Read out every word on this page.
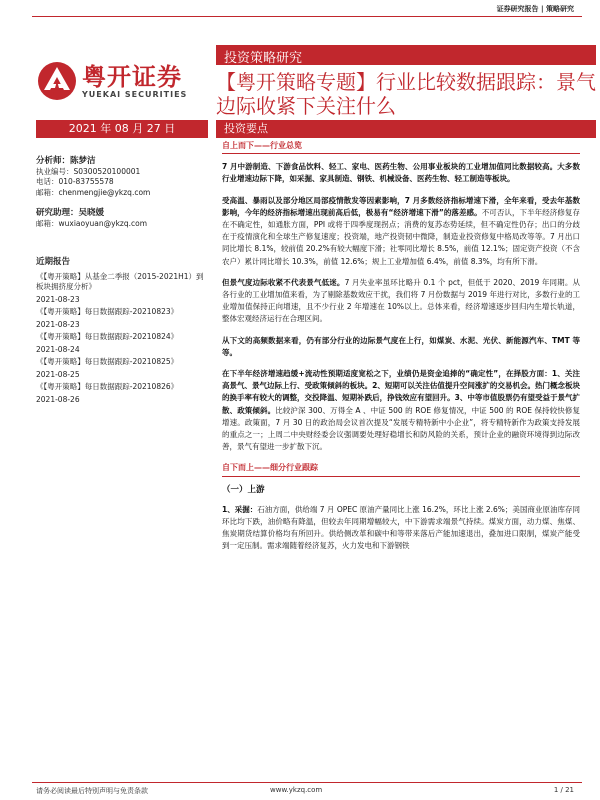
证券研究报告 | 策略研究
粤开证券
YUEKAI SECURITIES
投资策略研究
【粤开策略专题】行业比较数据跟踪：景气边际收紧下关注什么
2021 年 08 月 27 日	投资要点
分析师：陈梦洁
执业编号：S0300520100001
电话：010-83755578
邮箱：chenmengjie@ykzq.com
研究助理：吴晓媛
邮箱：wuxiaoyuan@ykzq.com
近期报告
《【粤开策略】从基金二季报（2015-2021H1）到板块拥挤度分析》
2021-08-23
《【粤开策略】每日数据跟踪-20210823》
2021-08-23
《【粤开策略】每日数据跟踪-20210824》
2021-08-24
《【粤开策略】每日数据跟踪-20210825》
2021-08-25
《【粤开策略】每日数据跟踪-20210826》
2021-08-26
自上而下——行业总览

7 月中游制造、下游食品饮料、轻工、家电、医药生物、公用事业板块的工业增加值同比数据较高。大多数行业增速边际下降，如采掘、家具制造、钢铁、机械设备、医药生物、轻工制造等板块。

受高温、暴雨以及部分地区局部疫情散发等因素影响，7 月多数经济指标增速下滑，全年来看，受去年基数影响，今年的经济指标增速出现前高后低，极易有“经济增速下滑”的落差感。不可否认，下半年经济修复存在不确定性，如通胀方面，PPI 或将于四季度现拐点；消费的复苏态势延续，但不确定性仍存；出口的分歧在于疫情演化和全球生产修复速度；投资端，地产投资韧中微降，制造业投资修复中格局改等等。7 月出口同比增长 8.1%，较前值 20.2%有较大幅度下滑；社零同比增长 8.5%，前值 12.1%；固定资产投资（不含农户）累计同比增长 10.3%，前值 12.6%；规上工业增加值 6.4%，前值 8.3%，均有所下滑。

但景气度边际收紧不代表景气低迷。7 月失业率虽环比略升 0.1 个 pct，但低于 2020、2019 年同期。从各行业的工业增加值来看，为了剔除基数效应干扰，我们将 7 月份数据与 2019 年进行对比，多数行业的工业增加值保持正向增速，且不少行业 2 年增速在 10%以上。总体来看，经济增速逐步回归内生增长轨道，整体宏观经济运行在合理区间。

从下文的高频数据来看，仍有部分行业的边际景气度在上行，如煤炭、水泥、光伏、新能源汽车、TMT 等等。

在下半年经济增速趋缓+流动性预期适度宽松之下，业绩仍是资金追捧的“确定性”，在择股方面：1、关注高景气、景气边际上行、受政策倾斜的板块。2、短期可以关注估值提升空间涨扩的交易机会。热门概念板块的换手率有较大的调整，交投降温、短期补跌后，挣钱效应有望回升。3、中等市值股票仍有望受益于景气扩散、政策倾斜。比较沪深 300、万得全 A 、中证 500 的 ROE 修复情况，中证 500 的 ROE 保持较快修复增速。政策面，7 月 30 日的政治局会议首次提及“发展专精特新中小企业”，将专精特新作为政策支持发展的重点之一；上周二中央财经委会议强调要处理好稳增长和防风险的关系，预计企业的融资环境得到边际改善，景气有望进一步扩散下沉。

自下而上——细分行业跟踪
（一）上游

1、采掘：石油方面，供给端 7 月 OPEC 原油产量同比上涨 16.2%，环比上涨 2.6%；美国商业原油库存同环比均下跌，油价略有降温，但较去年同期增幅较大，中下游需求端景气持续。煤炭方面，动力煤、焦煤、焦炭期货结算价格均有所回升。供给侧改革和碳中和等带来落后产能加速退出，叠加进口限制，煤炭产能受到一定压制。需求端随着经济复苏，火力发电和下游钢铁

请务必阅读最后特别声明与免责条款	www.ykzq.com	1 / 21
